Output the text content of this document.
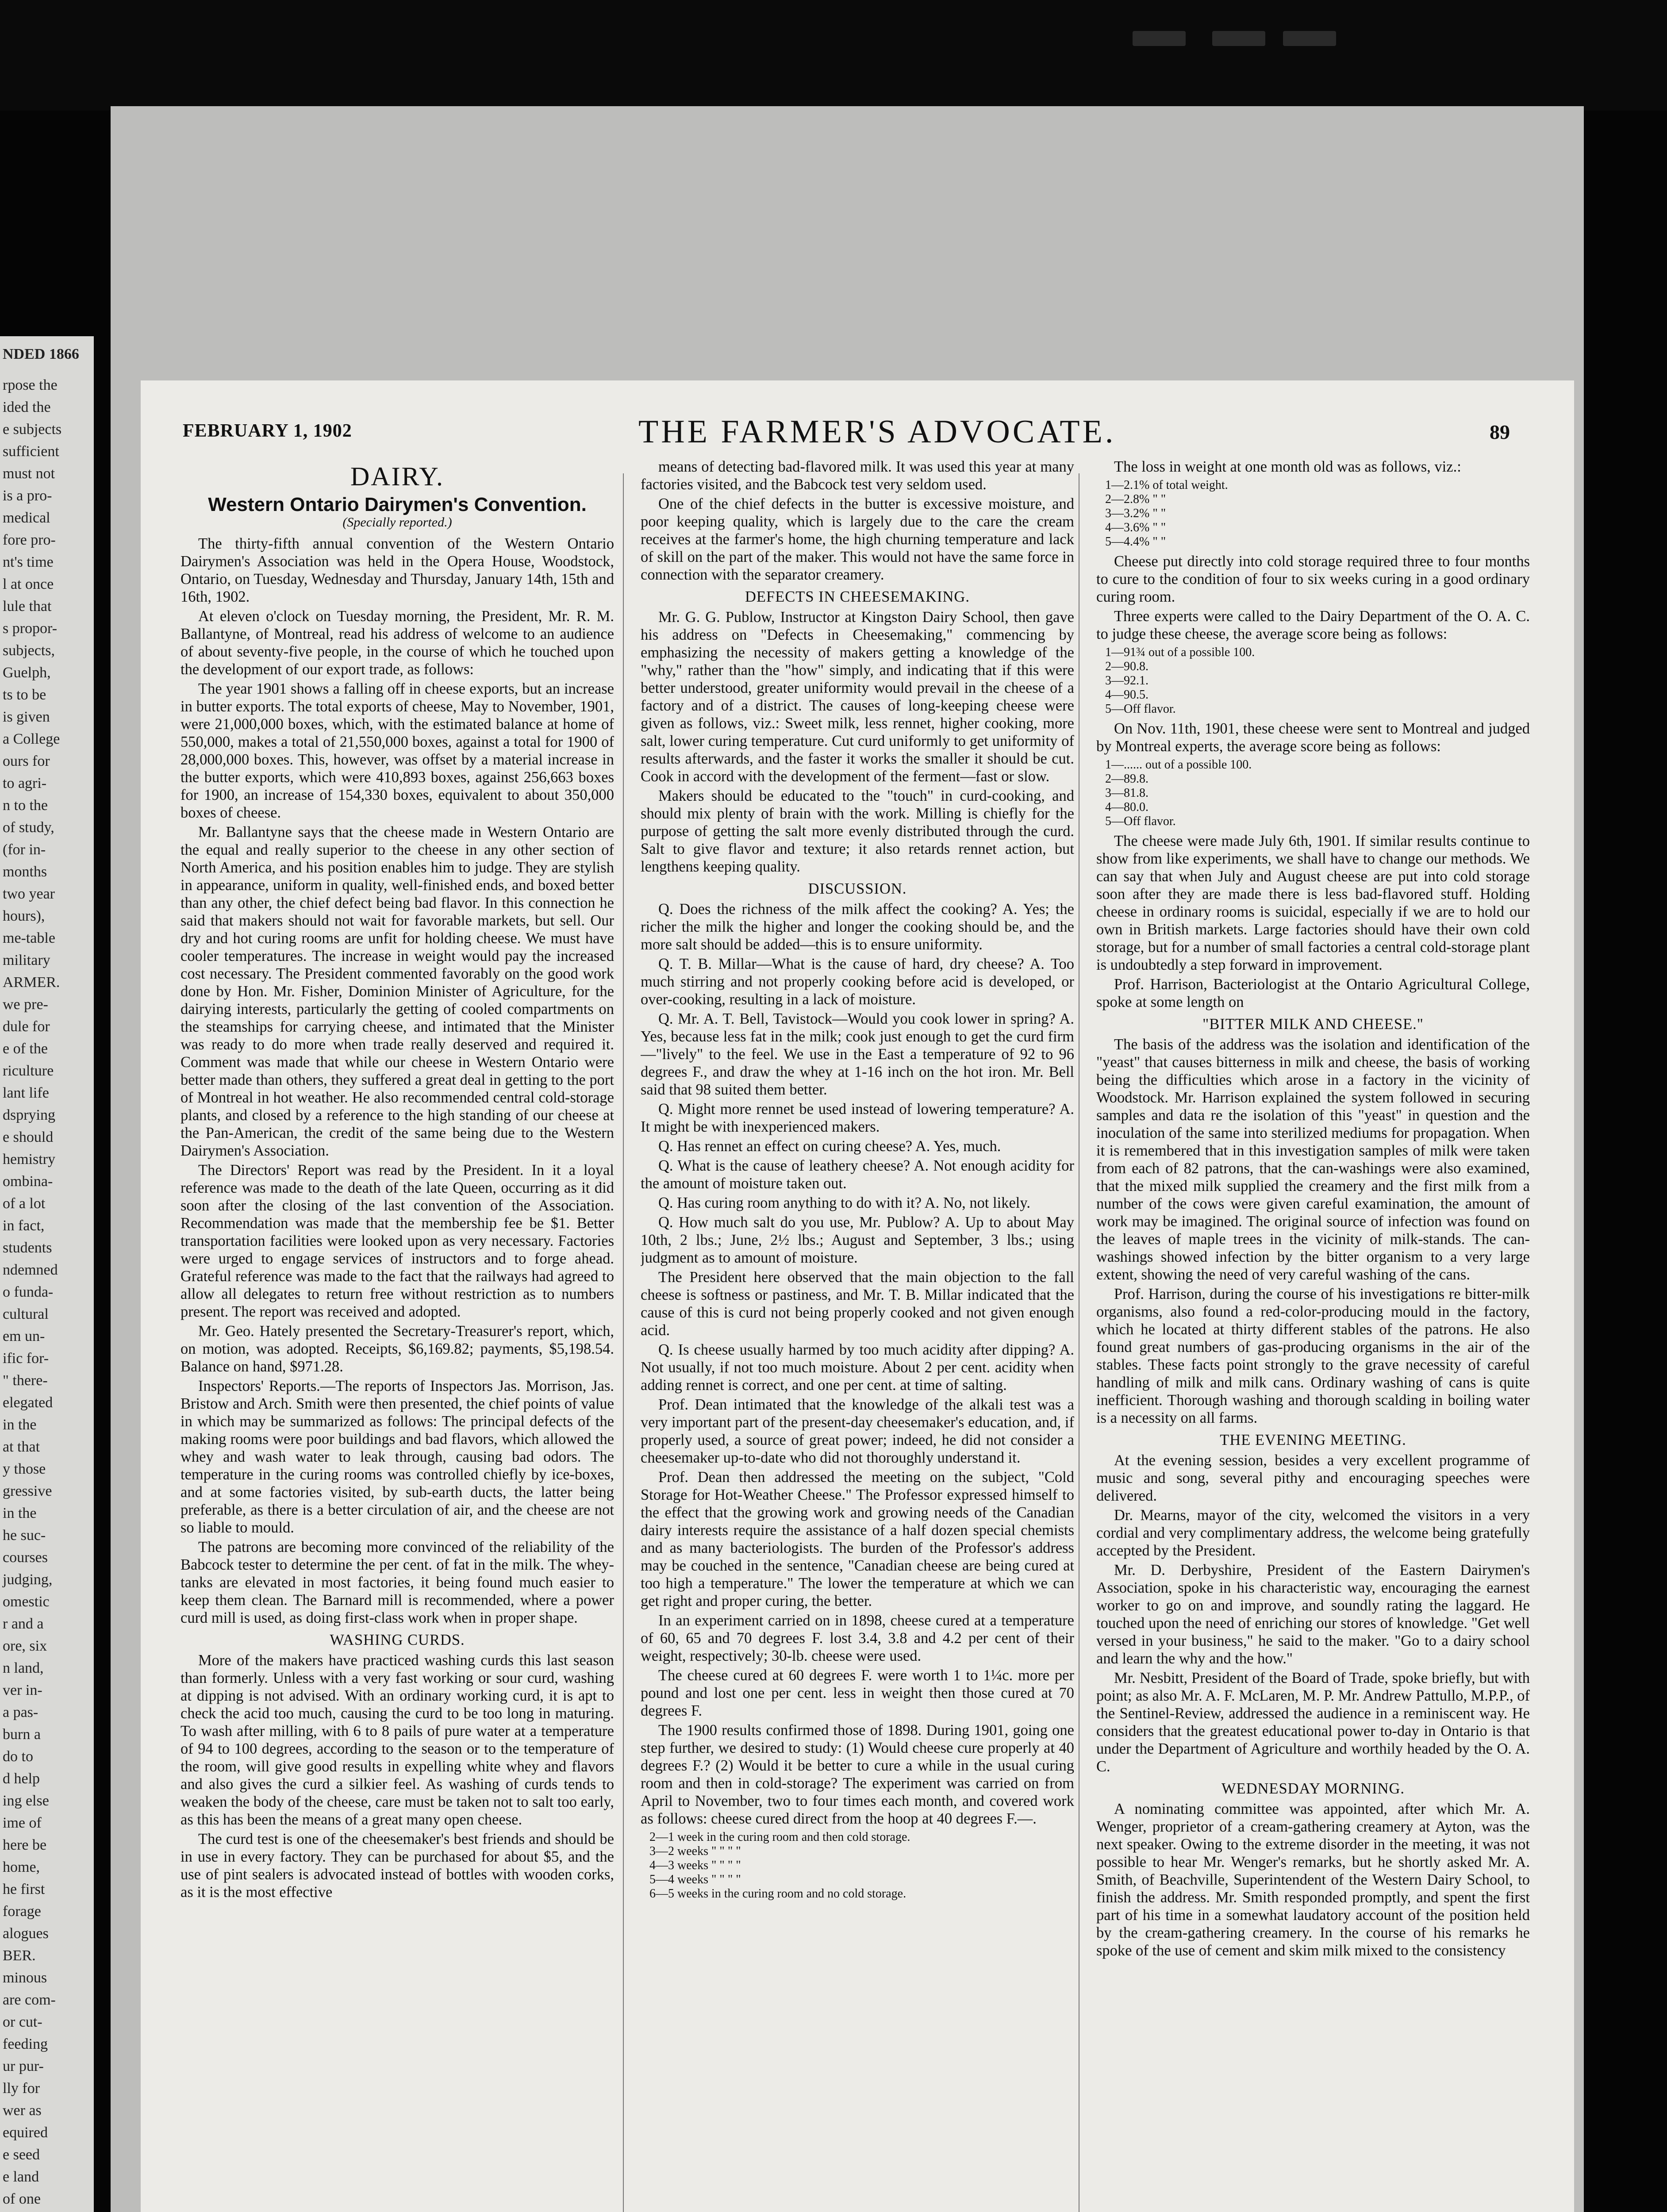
NDED 1866
rpose the
ided the
e subjects
sufficient
must not
is a pro-
medical
fore pro-
nt's time
l at once
lule that
s propor-
subjects,
Guelph,
ts to be
is given
a College
ours for
to agri-
n to the
of study,
(for in-
months
two year
hours),
me-table
military
ARMER.
we pre-
dule for
e of the
riculture
lant life
dsprying
e should
hemistry
ombina-
of a lot
in fact,
students
ndemned
o funda-
cultural
em un-
ific for-
" there-
elegated
in the
at that
y those
gressive
in the
he suc-
courses
judging,
omestic
r and a
ore, six
n land,
ver in-
a pas-
burn a
do to
d help
ing else
ime of
here be
home,
he first
forage
alogues
BER.
minous
are com-
or cut-
feeding
ur pur-
lly for
wer as
equired
e seed
e land
of one
FEBRUARY 1, 1902	THE FARMER'S ADVOCATE.	89

DAIRY.

Western Ontario Dairymen's Convention.

(Specially reported.)

The thirty-fifth annual convention of the Western Ontario Dairymen's Association was held in the Opera House, Woodstock, Ontario, on Tuesday, Wednesday and Thursday, January 14th, 15th and 16th, 1902.

At eleven o'clock on Tuesday morning, the President, Mr. R. M. Ballantyne, of Montreal, read his address of welcome to an audience of about seventy-five people, in the course of which he touched upon the development of our export trade, as follows:

The year 1901 shows a falling off in cheese exports, but an increase in butter exports. The total exports of cheese, May to November, 1901, were 21,000,000 boxes, which, with the estimated balance at home of 550,000, makes a total of 21,550,000 boxes, against a total for 1900 of 28,000,000 boxes. This, however, was offset by a material increase in the butter exports, which were 410,893 boxes, against 256,663 boxes for 1900, an increase of 154,330 boxes, equivalent to about 350,000 boxes of cheese.

Mr. Ballantyne says that the cheese made in Western Ontario are the equal and really superior to the cheese in any other section of North America, and his position enables him to judge. They are stylish in appearance, uniform in quality, well-finished ends, and boxed better than any other, the chief defect being bad flavor. In this connection he said that makers should not wait for favorable markets, but sell. Our dry and hot curing rooms are unfit for holding cheese. We must have cooler temperatures. The increase in weight would pay the increased cost necessary. The President commented favorably on the good work done by Hon. Mr. Fisher, Dominion Minister of Agriculture, for the dairying interests, particularly the getting of cooled compartments on the steamships for carrying cheese, and intimated that the Minister was ready to do more when trade really deserved and required it. Comment was made that while our cheese in Western Ontario were better made than others, they suffered a great deal in getting to the port of Montreal in hot weather. He also recommended central cold-storage plants, and closed by a reference to the high standing of our cheese at the Pan-American, the credit of the same being due to the Western Dairymen's Association.

The Directors' Report was read by the President. In it a loyal reference was made to the death of the late Queen, occurring as it did soon after the closing of the last convention of the Association. Recommendation was made that the membership fee be $1. Better transportation facilities were looked upon as very necessary. Factories were urged to engage services of instructors and to forge ahead. Grateful reference was made to the fact that the railways had agreed to allow all delegates to return free without restriction as to numbers present. The report was received and adopted.

Mr. Geo. Hately presented the Secretary-Treasurer's report, which, on motion, was adopted. Receipts, $6,169.82; payments, $5,198.54. Balance on hand, $971.28.

Inspectors' Reports.—The reports of Inspectors Jas. Morrison, Jas. Bristow and Arch. Smith were then presented, the chief points of value in which may be summarized as follows: The principal defects of the making rooms were poor buildings and bad flavors, which allowed the whey and wash water to leak through, causing bad odors. The temperature in the curing rooms was controlled chiefly by ice-boxes, and at some factories visited, by sub-earth ducts, the latter being preferable, as there is a better circulation of air, and the cheese are not so liable to mould.

The patrons are becoming more convinced of the reliability of the Babcock tester to determine the per cent. of fat in the milk. The whey-tanks are elevated in most factories, it being found much easier to keep them clean. The Barnard mill is recommended, where a power curd mill is used, as doing first-class work when in proper shape.

WASHING CURDS.

More of the makers have practiced washing curds this last season than formerly. Unless with a very fast working or sour curd, washing at dipping is not advised. With an ordinary working curd, it is apt to check the acid too much, causing the curd to be too long in maturing. To wash after milling, with 6 to 8 pails of pure water at a temperature of 94 to 100 degrees, according to the season or to the temperature of the room, will give good results in expelling white whey and flavors and also gives the curd a silkier feel. As washing of curds tends to weaken the body of the cheese, care must be taken not to salt too early, as this has been the means of a great many open cheese.

The curd test is one of the cheesemaker's best friends and should be in use in every factory. They can be purchased for about $5, and the use of pint sealers is advocated instead of bottles with wooden corks, as it is the most effective

means of detecting bad-flavored milk. It was used this year at many factories visited, and the Babcock test very seldom used.

One of the chief defects in the butter is excessive moisture, and poor keeping quality, which is largely due to the care the cream receives at the farmer's home, the high churning temperature and lack of skill on the part of the maker. This would not have the same force in connection with the separator creamery.

DEFECTS IN CHEESEMAKING.

Mr. G. G. Publow, Instructor at Kingston Dairy School, then gave his address on "Defects in Cheesemaking," commencing by emphasizing the necessity of makers getting a knowledge of the "why," rather than the "how" simply, and indicating that if this were better understood, greater uniformity would prevail in the cheese of a factory and of a district. The causes of long-keeping cheese were given as follows, viz.: Sweet milk, less rennet, higher cooking, more salt, lower curing temperature. Cut curd uniformly to get uniformity of results afterwards, and the faster it works the smaller it should be cut. Cook in accord with the development of the ferment—fast or slow.

Makers should be educated to the "touch" in curd-cooking, and should mix plenty of brain with the work. Milling is chiefly for the purpose of getting the salt more evenly distributed through the curd. Salt to give flavor and texture; it also retards rennet action, but lengthens keeping quality.

DISCUSSION.

Q. Does the richness of the milk affect the cooking? A. Yes; the richer the milk the higher and longer the cooking should be, and the more salt should be added—this is to ensure uniformity.

Q. T. B. Millar—What is the cause of hard, dry cheese? A. Too much stirring and not properly cooking before acid is developed, or over-cooking, resulting in a lack of moisture.

Q. Mr. A. T. Bell, Tavistock—Would you cook lower in spring? A. Yes, because less fat in the milk; cook just enough to get the curd firm—"lively" to the feel. We use in the East a temperature of 92 to 96 degrees F., and draw the whey at 1-16 inch on the hot iron. Mr. Bell said that 98 suited them better.

Q. Might more rennet be used instead of lowering temperature? A. It might be with inexperienced makers.

Q. Has rennet an effect on curing cheese? A. Yes, much.

Q. What is the cause of leathery cheese? A. Not enough acidity for the amount of moisture taken out.

Q. Has curing room anything to do with it? A. No, not likely.

Q. How much salt do you use, Mr. Publow? A. Up to about May 10th, 2 lbs.; June, 2½ lbs.; August and September, 3 lbs.; using judgment as to amount of moisture.

The President here observed that the main objection to the fall cheese is softness or pastiness, and Mr. T. B. Millar indicated that the cause of this is curd not being properly cooked and not given enough acid.

Q. Is cheese usually harmed by too much acidity after dipping? A. Not usually, if not too much moisture. About 2 per cent. acidity when adding rennet is correct, and one per cent. at time of salting.

Prof. Dean intimated that the knowledge of the alkali test was a very important part of the present-day cheesemaker's education, and, if properly used, a source of great power; indeed, he did not consider a cheesemaker up-to-date who did not thoroughly understand it.

Prof. Dean then addressed the meeting on the subject, "Cold Storage for Hot-Weather Cheese." The Professor expressed himself to the effect that the growing work and growing needs of the Canadian dairy interests require the assistance of a half dozen special chemists and as many bacteriologists. The burden of the Professor's address may be couched in the sentence, "Canadian cheese are being cured at too high a temperature." The lower the temperature at which we can get right and proper curing, the better.

In an experiment carried on in 1898, cheese cured at a temperature of 60, 65 and 70 degrees F. lost 3.4, 3.8 and 4.2 per cent of their weight, respectively; 30-lb. cheese were used.

The cheese cured at 60 degrees F. were worth 1 to 1¼c. more per pound and lost one per cent. less in weight then those cured at 70 degrees F.

The 1900 results confirmed those of 1898. During 1901, going one step further, we desired to study: (1) Would cheese cure properly at 40 degrees F.? (2) Would it be better to cure a while in the usual curing room and then in cold-storage? The experiment was carried on from April to November, two to four times each month, and covered work as follows: cheese cured direct from the hoop at 40 degrees F.—.

2—1 week in the curing room and then cold storage.

3—2 weeks " " " "

4—3 weeks " " " "

5—4 weeks " " " "

6—5 weeks in the curing room and no cold storage.

The loss in weight at one month old was as follows, viz.:

1—2.1% of total weight.

2—2.8% " "

3—3.2% " "

4—3.6% " "

5—4.4% " "

Cheese put directly into cold storage required three to four months to cure to the condition of four to six weeks curing in a good ordinary curing room.

Three experts were called to the Dairy Department of the O. A. C. to judge these cheese, the average score being as follows:

1—91¾ out of a possible 100.

2—90.8.

3—92.1.

4—90.5.

5—Off flavor.

On Nov. 11th, 1901, these cheese were sent to Montreal and judged by Montreal experts, the average score being as follows:

1—...... out of a possible 100.

2—89.8.

3—81.8.

4—80.0.

5—Off flavor.

The cheese were made July 6th, 1901. If similar results continue to show from like experiments, we shall have to change our methods. We can say that when July and August cheese are put into cold storage soon after they are made there is less bad-flavored stuff. Holding cheese in ordinary rooms is suicidal, especially if we are to hold our own in British markets. Large factories should have their own cold storage, but for a number of small factories a central cold-storage plant is undoubtedly a step forward in improvement.

Prof. Harrison, Bacteriologist at the Ontario Agricultural College, spoke at some length on

"BITTER MILK AND CHEESE."

The basis of the address was the isolation and identification of the "yeast" that causes bitterness in milk and cheese, the basis of working being the difficulties which arose in a factory in the vicinity of Woodstock. Mr. Harrison explained the system followed in securing samples and data re the isolation of this "yeast" in question and the inoculation of the same into sterilized mediums for propagation. When it is remembered that in this investigation samples of milk were taken from each of 82 patrons, that the can-washings were also examined, that the mixed milk supplied the creamery and the first milk from a number of the cows were given careful examination, the amount of work may be imagined. The original source of infection was found on the leaves of maple trees in the vicinity of milk-stands. The can-washings showed infection by the bitter organism to a very large extent, showing the need of very careful washing of the cans.

Prof. Harrison, during the course of his investigations re bitter-milk organisms, also found a red-color-producing mould in the factory, which he located at thirty different stables of the patrons. He also found great numbers of gas-producing organisms in the air of the stables. These facts point strongly to the grave necessity of careful handling of milk and milk cans. Ordinary washing of cans is quite inefficient. Thorough washing and thorough scalding in boiling water is a necessity on all farms.

THE EVENING MEETING.

At the evening session, besides a very excellent programme of music and song, several pithy and encouraging speeches were delivered.

Dr. Mearns, mayor of the city, welcomed the visitors in a very cordial and very complimentary address, the welcome being gratefully accepted by the President.

Mr. D. Derbyshire, President of the Eastern Dairymen's Association, spoke in his characteristic way, encouraging the earnest worker to go on and improve, and soundly rating the laggard. He touched upon the need of enriching our stores of knowledge. "Get well versed in your business," he said to the maker. "Go to a dairy school and learn the why and the how."

Mr. Nesbitt, President of the Board of Trade, spoke briefly, but with point; as also Mr. A. F. McLaren, M. P. Mr. Andrew Pattullo, M.P.P., of the Sentinel-Review, addressed the audience in a reminiscent way. He considers that the greatest educational power to-day in Ontario is that under the Department of Agriculture and worthily headed by the O. A. C.

WEDNESDAY MORNING.

A nominating committee was appointed, after which Mr. A. Wenger, proprietor of a cream-gathering creamery at Ayton, was the next speaker. Owing to the extreme disorder in the meeting, it was not possible to hear Mr. Wenger's remarks, but he shortly asked Mr. A. Smith, of Beachville, Superintendent of the Western Dairy School, to finish the address. Mr. Smith responded promptly, and spent the first part of his time in a somewhat laudatory account of the position held by the cream-gathering creamery. In the course of his remarks he spoke of the use of cement and skim milk mixed to the consistency
